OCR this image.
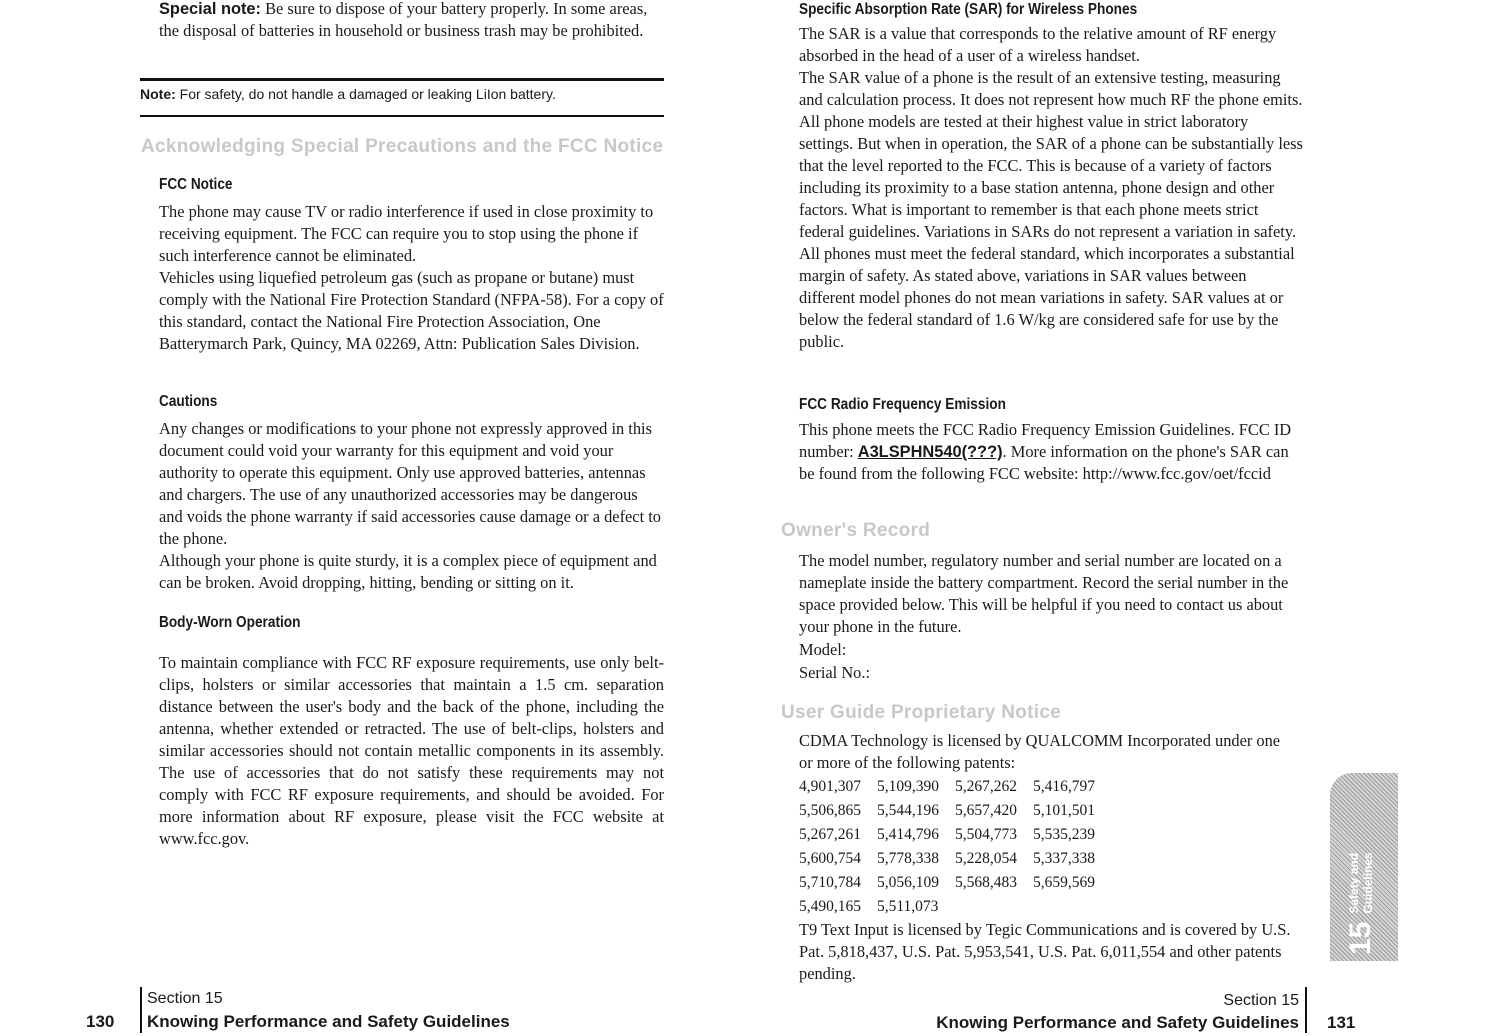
Special note: Be sure to dispose of your battery properly. In some areas, the disposal of batteries in household or business trash may be prohibited.

Note: For safety, do not handle a damaged or leaking LiIon battery.
Acknowledging Special Precautions and the FCC Notice
FCC Notice

The phone may cause TV or radio interference if used in close proximity to receiving equipment. The FCC can require you to stop using the phone if such interference cannot be eliminated.

Vehicles using liquefied petroleum gas (such as propane or butane) must comply with the National Fire Protection Standard (NFPA-58). For a copy of this standard, contact the National Fire Protection Association, One Batterymarch Park, Quincy, MA 02269, Attn: Publication Sales Division.

Cautions

Any changes or modifications to your phone not expressly approved in this document could void your warranty for this equipment and void your authority to operate this equipment. Only use approved batteries, antennas and chargers. The use of any unauthorized accessories may be dangerous and voids the phone warranty if said accessories cause damage or a defect to the phone.

Although your phone is quite sturdy, it is a complex piece of equipment and can be broken. Avoid dropping, hitting, bending or sitting on it.

Body-Worn Operation

To maintain compliance with FCC RF exposure requirements, use only belt-clips, holsters or similar accessories that maintain a 1.5 cm. separation distance between the user's body and the back of the phone, including the antenna, whether extended or retracted. The use of belt-clips, holsters and similar accessories should not contain metallic components in its assembly. The use of accessories that do not satisfy these requirements may not comply with FCC RF exposure requirements, and should be avoided. For more information about RF exposure, please visit the FCC website at www.fcc.gov.

130
Section 15
Knowing Performance and Safety Guidelines
Specific Absorption Rate (SAR) for Wireless Phones

The SAR is a value that corresponds to the relative amount of RF energy absorbed in the head of a user of a wireless handset.

The SAR value of a phone is the result of an extensive testing, measuring and calculation process. It does not represent how much RF the phone emits. All phone models are tested at their highest value in strict laboratory settings. But when in operation, the SAR of a phone can be substantially less that the level reported to the FCC. This is because of a variety of factors including its proximity to a base station antenna, phone design and other factors. What is important to remember is that each phone meets strict federal guidelines. Variations in SARs do not represent a variation in safety.

All phones must meet the federal standard, which incorporates a substantial margin of safety. As stated above, variations in SAR values between different model phones do not mean variations in safety. SAR values at or below the federal standard of 1.6 W/kg are considered safe for use by the public.

FCC Radio Frequency Emission

This phone meets the FCC Radio Frequency Emission Guidelines. FCC ID number: A3LSPHN540(???). More information on the phone's SAR can be found from the following FCC website: http://www.fcc.gov/oet/fccid

Owner's Record

The model number, regulatory number and serial number are located on a nameplate inside the battery compartment. Record the serial number in the space provided below. This will be helpful if you need to contact us about your phone in the future.

Model:

Serial No.:

User Guide Proprietary Notice

CDMA Technology is licensed by QUALCOMM Incorporated under one or more of the following patents:

4,901,307 5,109,390 5,267,262 5,416,797
5,506,865 5,544,196 5,657,420 5,101,501
5,267,261 5,414,796 5,504,773 5,535,239
5,600,754 5,778,338 5,228,054 5,337,338
5,710,784 5,056,109 5,568,483 5,659,569
5,490,165 5,511,073

T9 Text Input is licensed by Tegic Communications and is covered by U.S. Pat. 5,818,437, U.S. Pat. 5,953,541, U.S. Pat. 6,011,554 and other patents pending.

15
Safety and Guidelines
Section 15
Knowing Performance and Safety Guidelines 131
